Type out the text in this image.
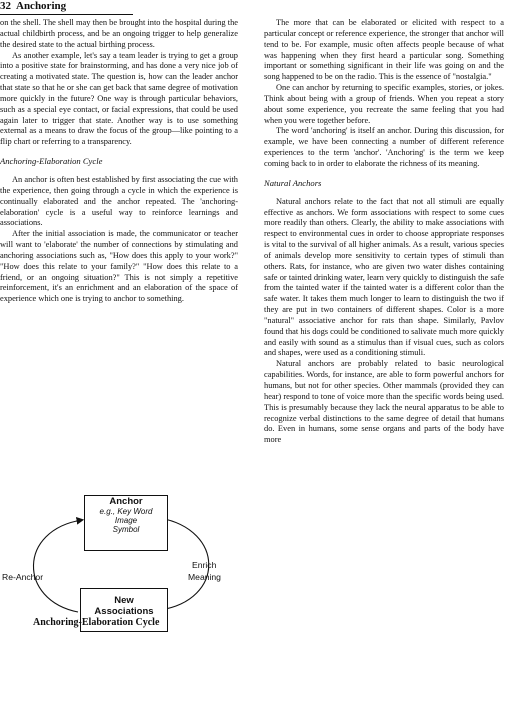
32 Anchoring

on the shell. The shell may then be brought into the hospital during the actual childbirth process, and be an ongoing trigger to help generalize the desired state to the actual birthing process.

As another example, let's say a team leader is trying to get a group into a positive state for brainstorming, and has done a very nice job of creating a motivated state. The question is, how can the leader anchor that state so that he or she can get back that same degree of motivation more quickly in the future? One way is through particular behaviors, such as a special eye contact, or facial expressions, that could be used again later to trigger that state. Another way is to use something external as a means to draw the focus of the group—like pointing to a flip chart or referring to a transparency.

Anchoring-Elaboration Cycle

An anchor is often best established by first associating the cue with the experience, then going through a cycle in which the experience is continually elaborated and the anchor repeated. The 'anchoring-elaboration' cycle is a useful way to reinforce learnings and associations.

After the initial association is made, the communicator or teacher will want to 'elaborate' the number of connections by stimulating and anchoring associations such as, "How does this apply to your work?" "How does this relate to your family?" "How does this relate to a friend, or an ongoing situation?" This is not simply a repetitive reinforcement, it's an enrichment and an elaboration of the space of experience which one is trying to anchor to something.

Anchor
e.g., Key Word
Image
Symbol
New
Associations
Re-Anchor
Enrich
Meaning
Anchoring-Elaboration Cycle

The more that can be elaborated or elicited with respect to a particular concept or reference experience, the stronger that anchor will tend to be. For example, music often affects people because of what was happening when they first heard a particular song. Something important or something significant in their life was going on and the song happened to be on the radio. This is the essence of "nostalgia."

One can anchor by returning to specific examples, stories, or jokes. Think about being with a group of friends. When you repeat a story about some experience, you recreate the same feeling that you had when you were together before.

The word 'anchoring' is itself an anchor. During this discussion, for example, we have been connecting a number of different reference experiences to the term 'anchor'. 'Anchoring' is the term we keep coming back to in order to elaborate the richness of its meaning.

Natural Anchors

Natural anchors relate to the fact that not all stimuli are equally effective as anchors. We form associations with respect to some cues more readily than others. Clearly, the ability to make associations with respect to environmental cues in order to choose appropriate responses is vital to the survival of all higher animals. As a result, various species of animals develop more sensitivity to certain types of stimuli than others. Rats, for instance, who are given two water dishes containing safe or tainted drinking water, learn very quickly to distinguish the safe from the tainted water if the tainted water is a different color than the safe water. It takes them much longer to learn to distinguish the two if they are put in two containers of different shapes. Color is a more "natural" associative anchor for rats than shape. Similarly, Pavlov found that his dogs could be conditioned to salivate much more quickly and easily with sound as a stimulus than if visual cues, such as colors and shapes, were used as a conditioning stimuli.

Natural anchors are probably related to basic neurological capabilities. Words, for instance, are able to form powerful anchors for humans, but not for other species. Other mammals (provided they can hear) respond to tone of voice more than the specific words being used. This is presumably because they lack the neural apparatus to be able to recognize verbal distinctions to the same degree of detail that humans do. Even in humans, some sense organs and parts of the body have more
